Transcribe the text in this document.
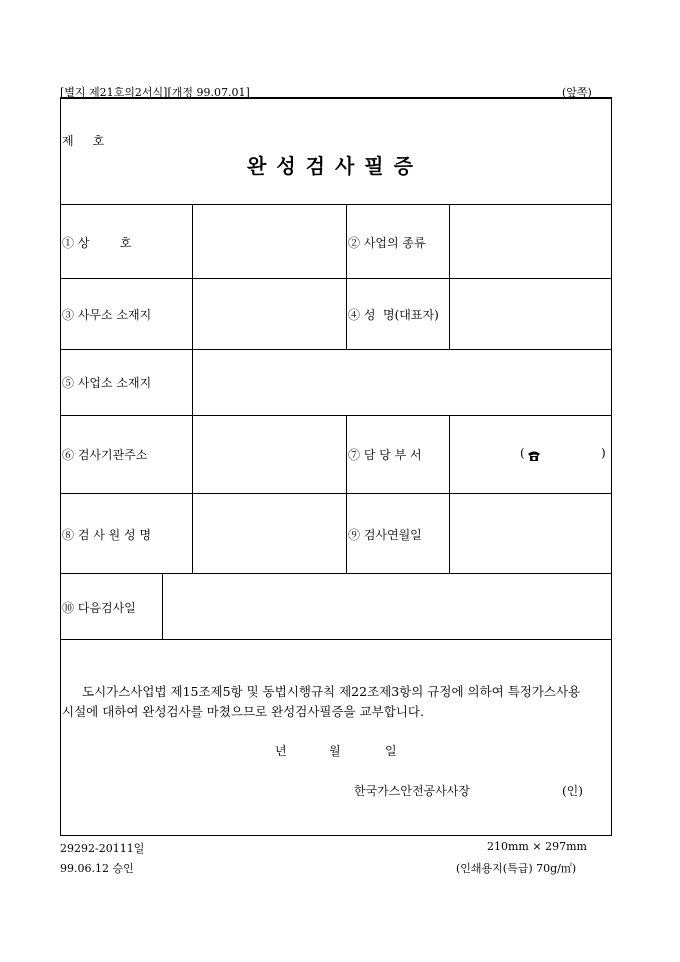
[별지 제21호의2서식][개정 99.07.01]	(앞쪽)
제     호
완성검사필증
① 상        호	② 사업의 종류
③ 사무소 소재지	④ 성  명(대표자)
⑤ 사업소 소재지
⑥ 검사기관주소	⑦ 담 당 부 서	(	)
⑧ 검 사 원 성 명	⑨ 검사연월일
⑩ 다음검사일
도시가스사업법 제15조제5항 및 동법시행규칙 제22조제3항의 규정에 의하여 특정가스사용
시설에 대하여 완성검사를 마쳤으므로 완성검사필증을 교부합니다.
년	월	일
한국가스안전공사사장	(인)
29292-20111일
99.06.12 승인
210mm × 297mm
(인쇄용지(특급) 70g/㎡)
